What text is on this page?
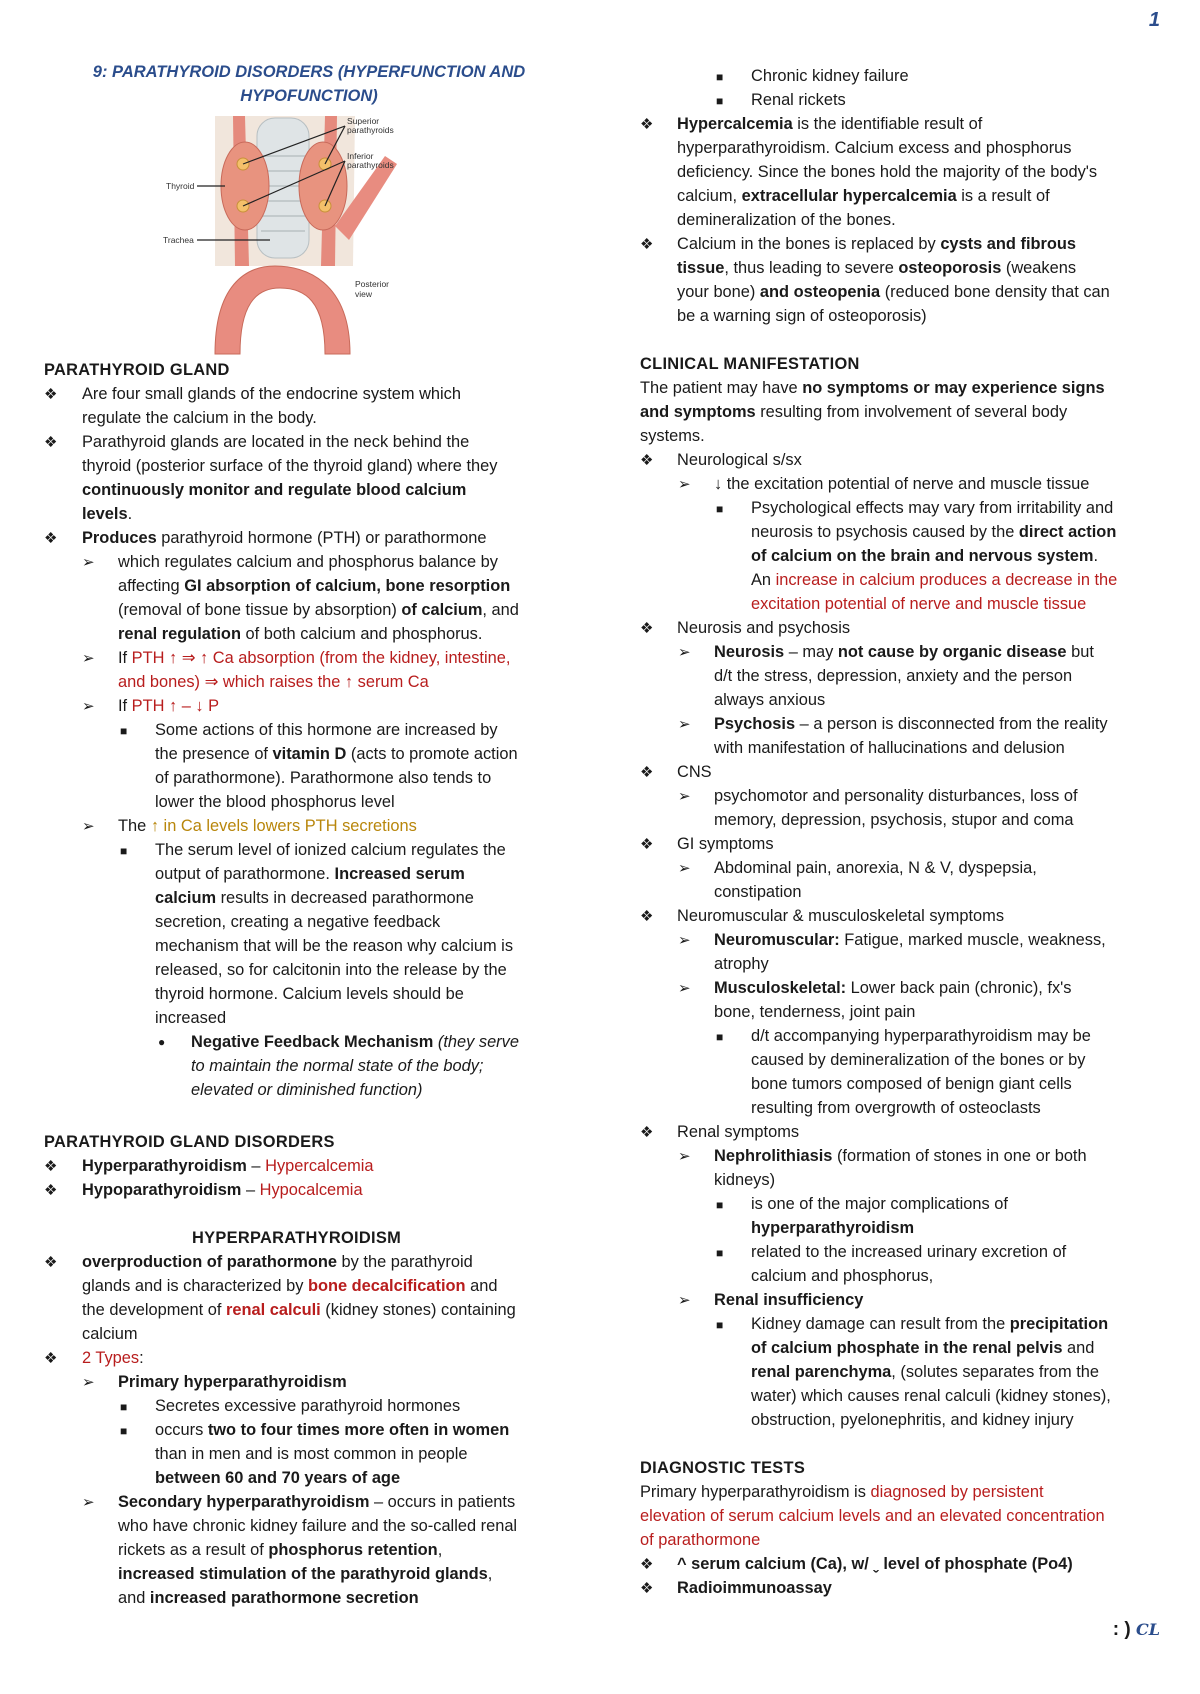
1
9: PARATHYROID DISORDERS (HYPERFUNCTION AND
HYPOFUNCTION)
Superior
parathyroids
Inferior
parathyroids
Thyroid
Trachea
Posterior
view
PARATHYROID GLAND
❖ Are four small glands of the endocrine system which
regulate the calcium in the body.
❖ Parathyroid glands are located in the neck behind the
thyroid (posterior surface of the thyroid gland) where they
continuously monitor and regulate blood calcium
levels.
❖ Produces parathyroid hormone (PTH) or parathormone
➢ which regulates calcium and phosphorus balance by
affecting GI absorption of calcium, bone resorption
(removal of bone tissue by absorption) of calcium, and
renal regulation of both calcium and phosphorus.
➢ If PTH ↑ ⇒ ↑ Ca absorption (from the kidney, intestine,
and bones) ⇒ which raises the ↑ serum Ca
➢ If PTH ↑ – ↓ P
■ Some actions of this hormone are increased by
the presence of vitamin D (acts to promote action
of parathormone). Parathormone also tends to
lower the blood phosphorus level
➢ The ↑ in Ca levels lowers PTH secretions
■ The serum level of ionized calcium regulates the
output of parathormone. Increased serum
calcium results in decreased parathormone
secretion, creating a negative feedback
mechanism that will be the reason why calcium is
released, so for calcitonin into the release by the
thyroid hormone. Calcium levels should be
increased
● Negative Feedback Mechanism (they serve
to maintain the normal state of the body;
elevated or diminished function)
PARATHYROID GLAND DISORDERS
❖ Hyperparathyroidism – Hypercalcemia
❖ Hypoparathyroidism – Hypocalcemia
HYPERPARATHYROIDISM
❖ overproduction of parathormone by the parathyroid
glands and is characterized by bone decalcification and
the development of renal calculi (kidney stones) containing
calcium
❖ 2 Types:
➢ Primary hyperparathyroidism
■ Secretes excessive parathyroid hormones
■ occurs two to four times more often in women
than in men and is most common in people
between 60 and 70 years of age
➢ Secondary hyperparathyroidism – occurs in patients
who have chronic kidney failure and the so-called renal
rickets as a result of phosphorus retention,
increased stimulation of the parathyroid glands,
and increased parathormone secretion
■ Chronic kidney failure
■ Renal rickets
❖ Hypercalcemia is the identifiable result of
hyperparathyroidism. Calcium excess and phosphorus
deficiency. Since the bones hold the majority of the body's
calcium, extracellular hypercalcemia is a result of
demineralization of the bones.
❖ Calcium in the bones is replaced by cysts and fibrous
tissue, thus leading to severe osteoporosis (weakens
your bone) and osteopenia (reduced bone density that can
be a warning sign of osteoporosis)
CLINICAL MANIFESTATION
The patient may have no symptoms or may experience signs
and symptoms resulting from involvement of several body
systems.
❖ Neurological s/sx
➢ ↓ the excitation potential of nerve and muscle tissue
■ Psychological effects may vary from irritability and
neurosis to psychosis caused by the direct action
of calcium on the brain and nervous system.
An increase in calcium produces a decrease in the
excitation potential of nerve and muscle tissue
❖ Neurosis and psychosis
➢ Neurosis – may not cause by organic disease but
d/t the stress, depression, anxiety and the person
always anxious
➢ Psychosis – a person is disconnected from the reality
with manifestation of hallucinations and delusion
❖ CNS
➢ psychomotor and personality disturbances, loss of
memory, depression, psychosis, stupor and coma
❖ GI symptoms
➢ Abdominal pain, anorexia, N & V, dyspepsia,
constipation
❖ Neuromuscular & musculoskeletal symptoms
➢ Neuromuscular: Fatigue, marked muscle, weakness,
atrophy
➢ Musculoskeletal: Lower back pain (chronic), fx's
bone, tenderness, joint pain
■ d/t accompanying hyperparathyroidism may be
caused by demineralization of the bones or by
bone tumors composed of benign giant cells
resulting from overgrowth of osteoclasts
❖ Renal symptoms
➢ Nephrolithiasis (formation of stones in one or both
kidneys)
■ is one of the major complications of
hyperparathyroidism
■ related to the increased urinary excretion of
calcium and phosphorus,
➢ Renal insufficiency
■ Kidney damage can result from the precipitation
of calcium phosphate in the renal pelvis and
renal parenchyma, (solutes separates from the
water) which causes renal calculi (kidney stones),
obstruction, pyelonephritis, and kidney injury
DIAGNOSTIC TESTS
Primary hyperparathyroidism is diagnosed by persistent
elevation of serum calcium levels and an elevated concentration
of parathormone
❖ ^ serum calcium (Ca), w/ ˬ level of phosphate (Po4)
❖ Radioimmunoassay
: ) CL
